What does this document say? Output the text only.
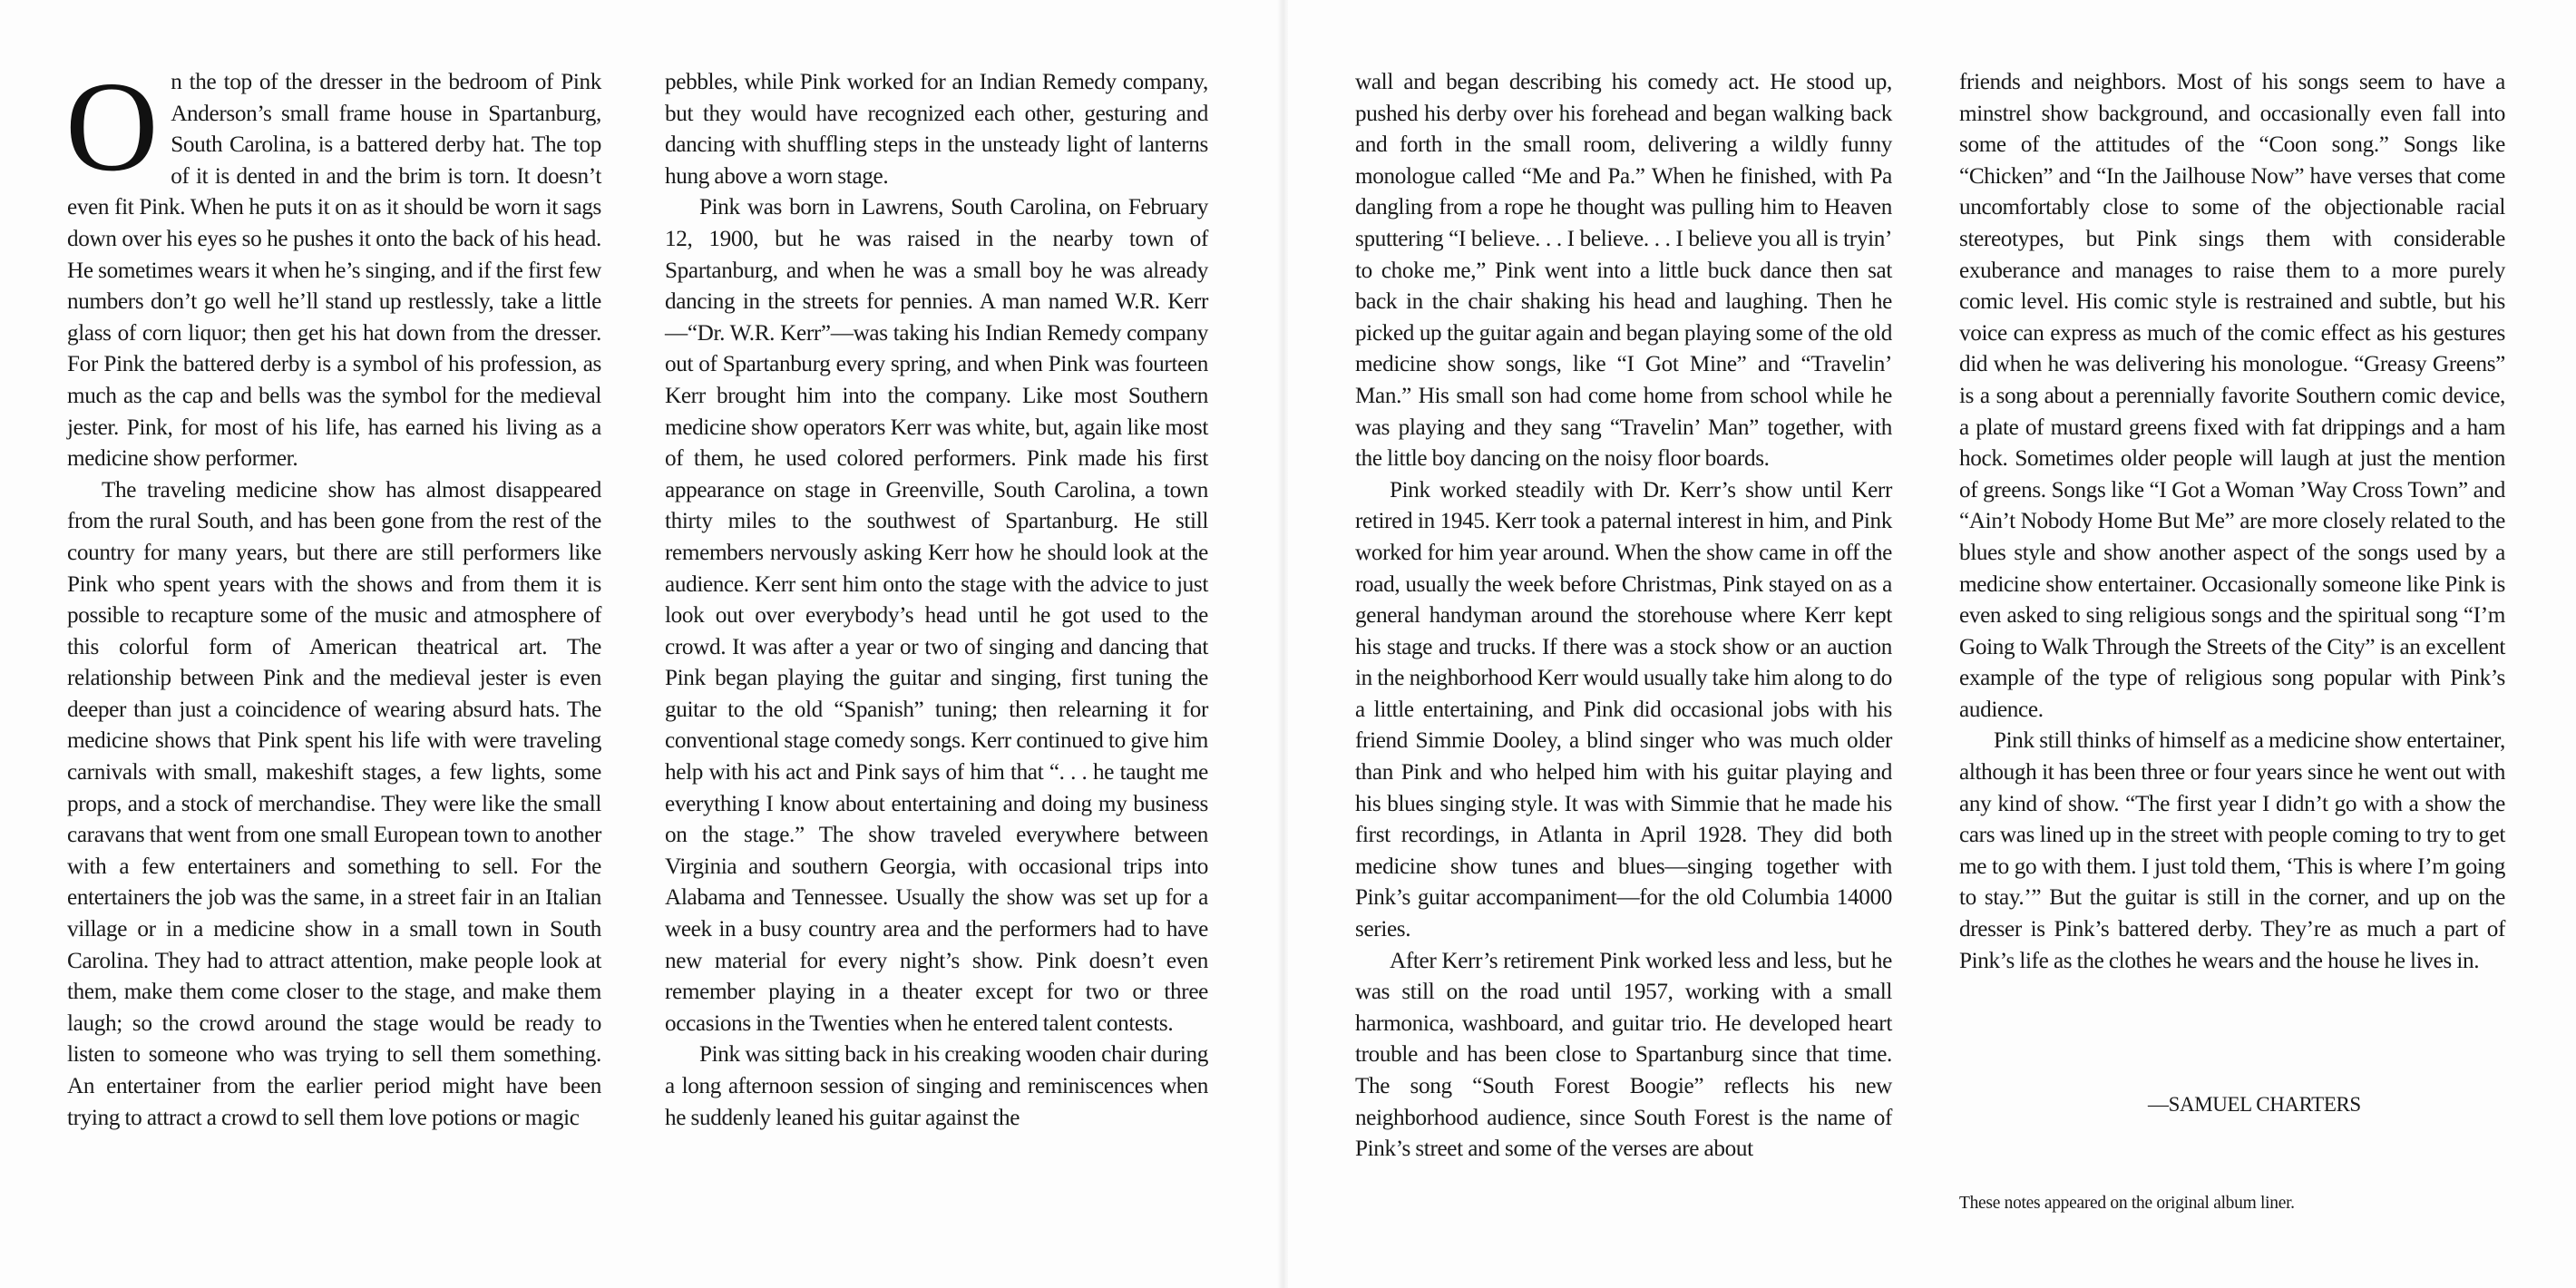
On the top of the dresser in the bedroom of Pink Anderson’s small frame house in Spartanburg, South Carolina, is a battered derby hat. The top of it is dented in and the brim is torn. It doesn’t even fit Pink. When he puts it on as it should be worn it sags down over his eyes so he pushes it onto the back of his head. He sometimes wears it when he’s singing, and if the first few numbers don’t go well he’ll stand up restlessly, take a little glass of corn liquor; then get his hat down from the dresser. For Pink the battered derby is a symbol of his profession, as much as the cap and bells was the symbol for the medieval jester. Pink, for most of his life, has earned his living as a medicine show performer.

The traveling medicine show has almost disappeared from the rural South, and has been gone from the rest of the country for many years, but there are still performers like Pink who spent years with the shows and from them it is possible to recapture some of the music and atmosphere of this colorful form of American theatrical art. The relationship between Pink and the medieval jester is even deeper than just a coincidence of wearing absurd hats. The medicine shows that Pink spent his life with were traveling carnivals with small, makeshift stages, a few lights, some props, and a stock of merchandise. They were like the small caravans that went from one small European town to another with a few entertainers and something to sell. For the entertainers the job was the same, in a street fair in an Italian village or in a medicine show in a small town in South Carolina. They had to attract attention, make people look at them, make them come closer to the stage, and make them laugh; so the crowd around the stage would be ready to listen to someone who was trying to sell them something. An entertainer from the earlier period might have been trying to attract a crowd to sell them love potions or magic

pebbles, while Pink worked for an Indian Remedy company, but they would have recognized each other, gesturing and dancing with shuffling steps in the unsteady light of lanterns hung above a worn stage.

Pink was born in Lawrens, South Carolina, on February 12, 1900, but he was raised in the nearby town of Spartanburg, and when he was a small boy he was already dancing in the streets for pennies. A man named W.R. Kerr—“Dr. W.R. Kerr”—was taking his Indian Remedy company out of Spartanburg every spring, and when Pink was fourteen Kerr brought him into the company. Like most Southern medicine show operators Kerr was white, but, again like most of them, he used colored performers. Pink made his first appearance on stage in Greenville, South Carolina, a town thirty miles to the southwest of Spartanburg. He still remembers nervously asking Kerr how he should look at the audience. Kerr sent him onto the stage with the advice to just look out over everybody’s head until he got used to the crowd. It was after a year or two of singing and dancing that Pink began playing the guitar and singing, first tuning the guitar to the old “Spanish” tuning; then relearning it for conventional stage comedy songs. Kerr continued to give him help with his act and Pink says of him that “. . . he taught me everything I know about entertaining and doing my business on the stage.” The show traveled everywhere between Virginia and southern Georgia, with occasional trips into Alabama and Tennessee. Usually the show was set up for a week in a busy country area and the performers had to have new material for every night’s show. Pink doesn’t even remember playing in a theater except for two or three occasions in the Twenties when he entered talent contests.

Pink was sitting back in his creaking wooden chair during a long afternoon session of singing and reminiscences when he suddenly leaned his guitar against the

wall and began describing his comedy act. He stood up, pushed his derby over his forehead and began walking back and forth in the small room, delivering a wildly funny monologue called “Me and Pa.” When he finished, with Pa dangling from a rope he thought was pulling him to Heaven sputtering “I believe. . . I believe. . . I believe you all is tryin’ to choke me,” Pink went into a little buck dance then sat back in the chair shaking his head and laughing. Then he picked up the guitar again and began playing some of the old medicine show songs, like “I Got Mine” and “Travelin’ Man.” His small son had come home from school while he was playing and they sang “Travelin’ Man” together, with the little boy dancing on the noisy floor boards.

Pink worked steadily with Dr. Kerr’s show until Kerr retired in 1945. Kerr took a paternal interest in him, and Pink worked for him year around. When the show came in off the road, usually the week before Christmas, Pink stayed on as a general handyman around the storehouse where Kerr kept his stage and trucks. If there was a stock show or an auction in the neighborhood Kerr would usually take him along to do a little entertaining, and Pink did occasional jobs with his friend Simmie Dooley, a blind singer who was much older than Pink and who helped him with his guitar playing and his blues singing style. It was with Simmie that he made his first recordings, in Atlanta in April 1928. They did both medicine show tunes and blues—singing together with Pink’s guitar accompaniment—for the old Columbia 14000 series.

After Kerr’s retirement Pink worked less and less, but he was still on the road until 1957, working with a small harmonica, washboard, and guitar trio. He developed heart trouble and has been close to Spartanburg since that time. The song “South Forest Boogie” reflects his new neighborhood audience, since South Forest is the name of Pink’s street and some of the verses are about

friends and neighbors. Most of his songs seem to have a minstrel show background, and occasionally even fall into some of the attitudes of the “Coon song.” Songs like “Chicken” and “In the Jailhouse Now” have verses that come uncomfortably close to some of the objectionable racial stereotypes, but Pink sings them with considerable exuberance and manages to raise them to a more purely comic level. His comic style is restrained and subtle, but his voice can express as much of the comic effect as his gestures did when he was delivering his monologue. “Greasy Greens” is a song about a perennially favorite Southern comic device, a plate of mustard greens fixed with fat drippings and a ham hock. Sometimes older people will laugh at just the mention of greens. Songs like “I Got a Woman ’Way Cross Town” and “Ain’t Nobody Home But Me” are more closely related to the blues style and show another aspect of the songs used by a medicine show entertainer. Occasionally someone like Pink is even asked to sing religious songs and the spiritual song “I’m Going to Walk Through the Streets of the City” is an excellent example of the type of religious song popular with Pink’s audience.

Pink still thinks of himself as a medicine show entertainer, although it has been three or four years since he went out with any kind of show. “The first year I didn’t go with a show the cars was lined up in the street with people coming to try to get me to go with them. I just told them, ‘This is where I’m going to stay.’” But the guitar is still in the corner, and up on the dresser is Pink’s battered derby. They’re as much a part of Pink’s life as the clothes he wears and the house he lives in.

—SAMUEL CHARTERS
These notes appeared on the original album liner.
